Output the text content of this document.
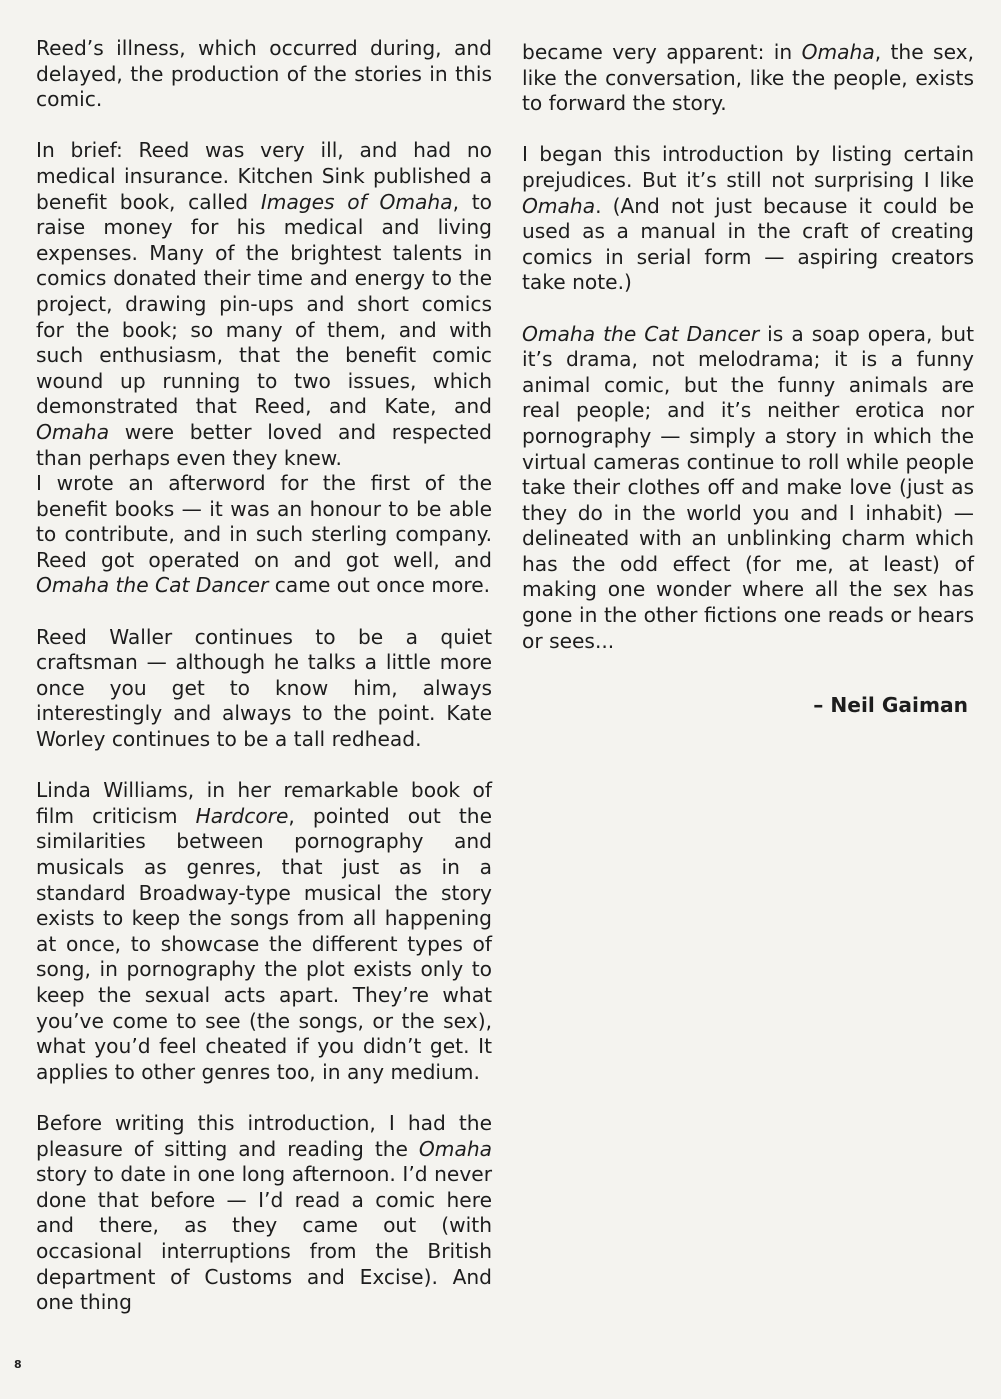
Reed’s illness, which occurred during, and delayed, the production of the stories in this comic.

In brief: Reed was very ill, and had no medical insurance. Kitchen Sink published a benefit book, called Images of Omaha, to raise money for his medical and living expenses. Many of the brightest talents in comics donated their time and energy to the project, drawing pin-ups and short comics for the book; so many of them, and with such enthusiasm, that the benefit comic wound up running to two issues, which demonstrated that Reed, and Kate, and Omaha were better loved and respected than perhaps even they knew.

I wrote an afterword for the first of the benefit books — it was an honour to be able to contribute, and in such sterling company. Reed got operated on and got well, and Omaha the Cat Dancer came out once more.

Reed Waller continues to be a quiet craftsman — although he talks a little more once you get to know him, always interestingly and always to the point. Kate Worley continues to be a tall redhead.

Linda Williams, in her remarkable book of film criticism Hardcore, pointed out the similarities between pornography and musicals as genres, that just as in a standard Broadway-type musical the story exists to keep the songs from all happening at once, to showcase the different types of song, in pornography the plot exists only to keep the sexual acts apart. They’re what you’ve come to see (the songs, or the sex), what you’d feel cheated if you didn’t get. It applies to other genres too, in any medium.

Before writing this introduction, I had the pleasure of sitting and reading the Omaha story to date in one long afternoon. I’d never done that before — I’d read a comic here and there, as they came out (with occasional interruptions from the British department of Customs and Excise). And one thing

became very apparent: in Omaha, the sex, like the conversation, like the people, exists to forward the story.

I began this introduction by listing certain prejudices. But it’s still not surprising I like Omaha. (And not just because it could be used as a manual in the craft of creating comics in serial form — aspiring creators take note.)

Omaha the Cat Dancer is a soap opera, but it’s drama, not melodrama; it is a funny animal comic, but the funny animals are real people; and it’s neither erotica nor pornography — simply a story in which the virtual cameras continue to roll while people take their clothes off and make love (just as they do in the world you and I inhabit) — delineated with an unblinking charm which has the odd effect (for me, at least) of making one wonder where all the sex has gone in the other fictions one reads or hears or sees...

– Neil Gaiman
8
